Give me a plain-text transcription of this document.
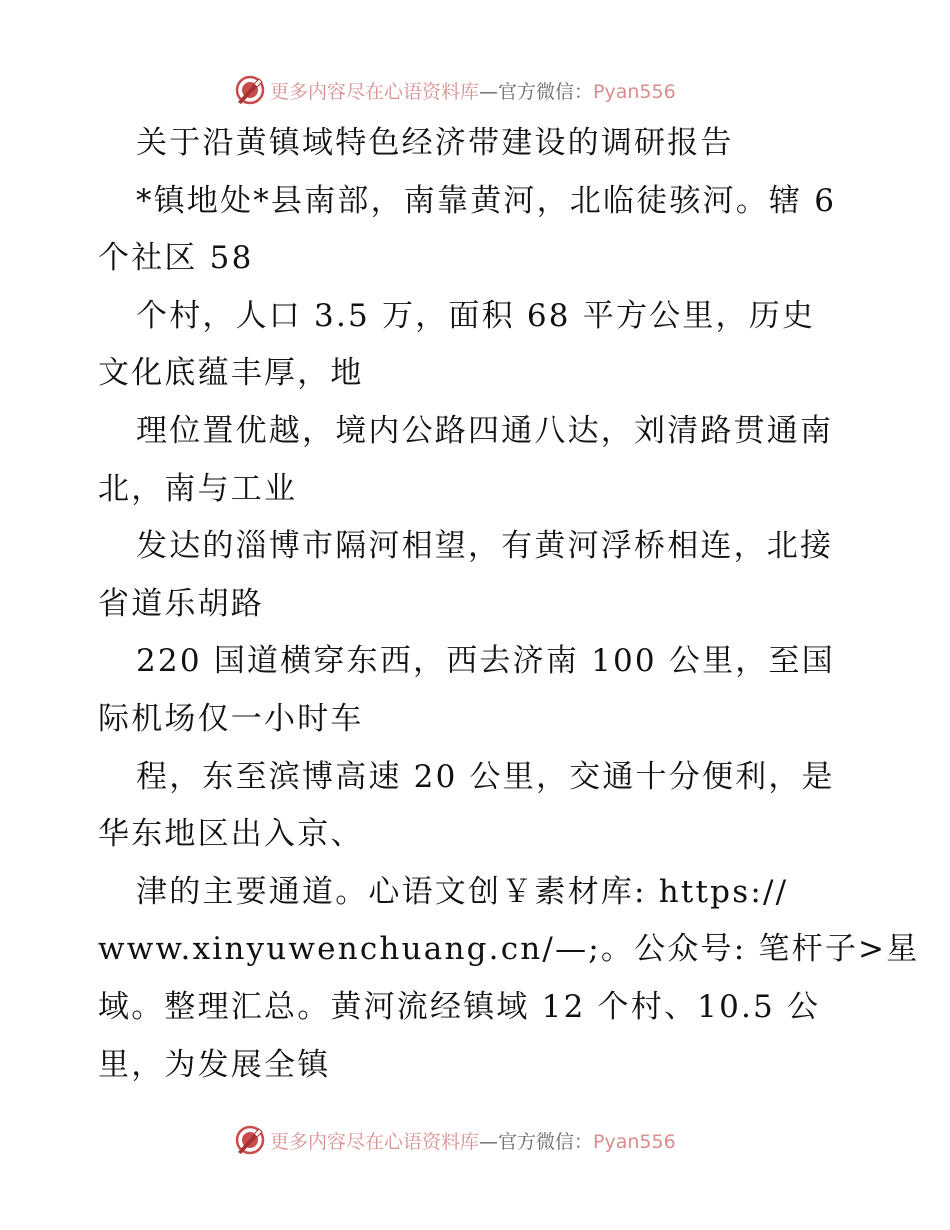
更多内容尽在心语资料库—官方微信：Pyan556
关于沿黄镇域特色经济带建设的调研报告
*镇地处*县南部，南靠黄河，北临徒骇河。辖 6
个社区 58
个村，人口 3.5 万，面积 68 平方公里，历史
文化底蕴丰厚，地
理位置优越，境内公路四通八达，刘清路贯通南
北，南与工业
发达的淄博市隔河相望，有黄河浮桥相连，北接
省道乐胡路
220 国道横穿东西，西去济南 100 公里，至国
际机场仅一小时车
程，东至滨博高速 20 公里，交通十分便利，是
华东地区出入京、
津的主要通道。心语文创￥素材库: https://
www.xinyuwenchuang.cn/—;。公众号: 笔杆子>星
域。整理汇总。黄河流经镇域 12 个村、10.5 公
里，为发展全镇
更多内容尽在心语资料库—官方微信：Pyan556
